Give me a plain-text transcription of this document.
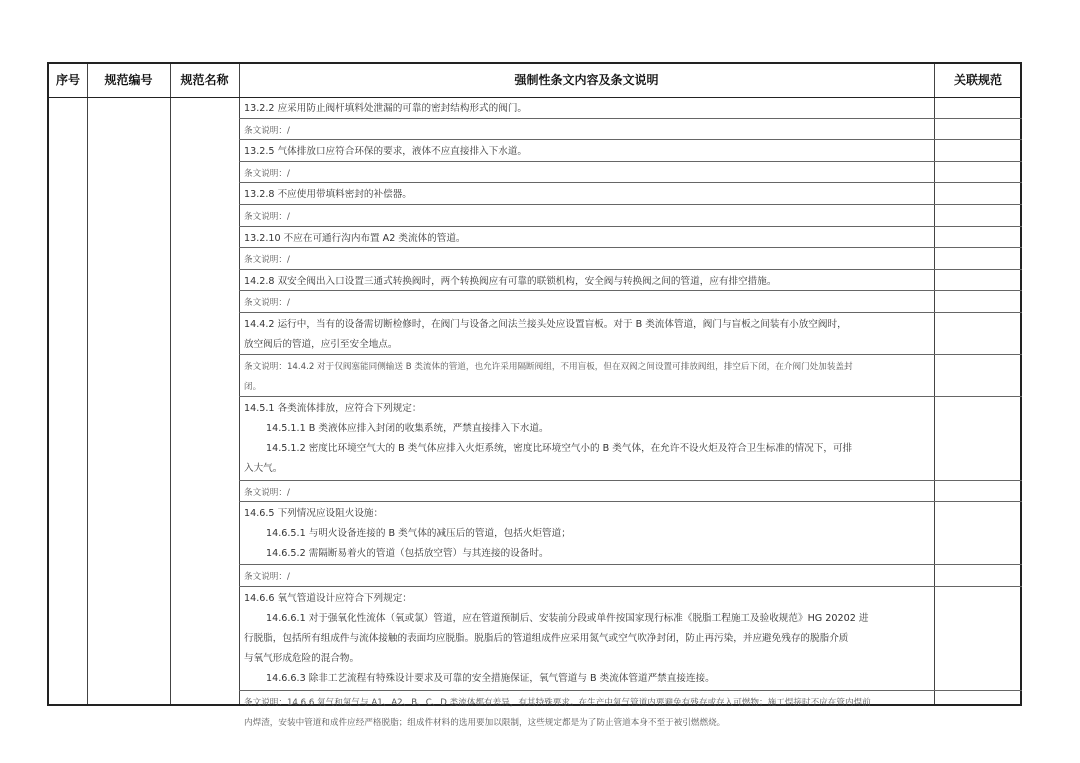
序号	规范编号	规范名称	强制性条文内容及条文说明	关联规范
13.2.2 应采用防止阀杆填料处泄漏的可靠的密封结构形式的阀门。
条文说明：/
13.2.5 气体排放口应符合环保的要求，液体不应直接排入下水道。
条文说明：/
13.2.8 不应使用带填料密封的补偿器。
条文说明：/
13.2.10 不应在可通行沟内布置 A2 类流体的管道。
条文说明：/
14.2.8 双安全阀出入口设置三通式转换阀时，两个转换阀应有可靠的联锁机构，安全阀与转换阀之间的管道，应有排空措施。
条文说明：/
14.4.2 运行中，当有的设备需切断检修时，在阀门与设备之间法兰接头处应设置盲板。对于 B 类流体管道，阀门与盲板之间装有小放空阀时，
放空阀后的管道，应引至安全地点。
条文说明：14.4.2 对于仅阀塞能同侧输送 B 类流体的管道，也允许采用隔断阀组，不用盲板，但在双阀之间设置可排放阀组，排空后下闭，在介阀门处加装盖封
闭。
14.5.1 各类流体排放，应符合下列规定：
14.5.1.1 B 类液体应排入封闭的收集系统，严禁直接排入下水道。
14.5.1.2 密度比环境空气大的 B 类气体应排入火炬系统，密度比环境空气小的 B 类气体，在允许不设火炬及符合卫生标准的情况下，可排
入大气。
条文说明：/
14.6.5 下列情况应设阻火设施：
14.6.5.1 与明火设备连接的 B 类气体的减压后的管道，包括火炬管道；
14.6.5.2 需隔断易着火的管道（包括放空管）与其连接的设备时。
条文说明：/
14.6.6 氧气管道设计应符合下列规定：
14.6.6.1 对于强氧化性流体（氧或氯）管道，应在管道预制后、安装前分段或单件按国家现行标准《脱脂工程施工及验收规范》HG 20202 进
行脱脂，包括所有组成件与流体接触的表面均应脱脂。脱脂后的管道组成件应采用氮气或空气吹净封闭，防止再污染，并应避免残存的脱脂介质
与氧气形成危险的混合物。
14.6.6.3 除非工艺流程有特殊设计要求及可靠的安全措施保证，氧气管道与 B 类流体管道严禁直接连接。
条文说明：14.6.6 氧气和氯气与 A1、A2、B、C、D 类流体都有差异，有其特殊要求。在生产中氧气管道内要避免有残存或存入可燃物；施工焊接时不应在管内焊前
内焊渣，安装中管道和成件应经严格脱脂；组成件材料的选用要加以限制，这些规定都是为了防止管道本身不至于被引燃燃烧。
